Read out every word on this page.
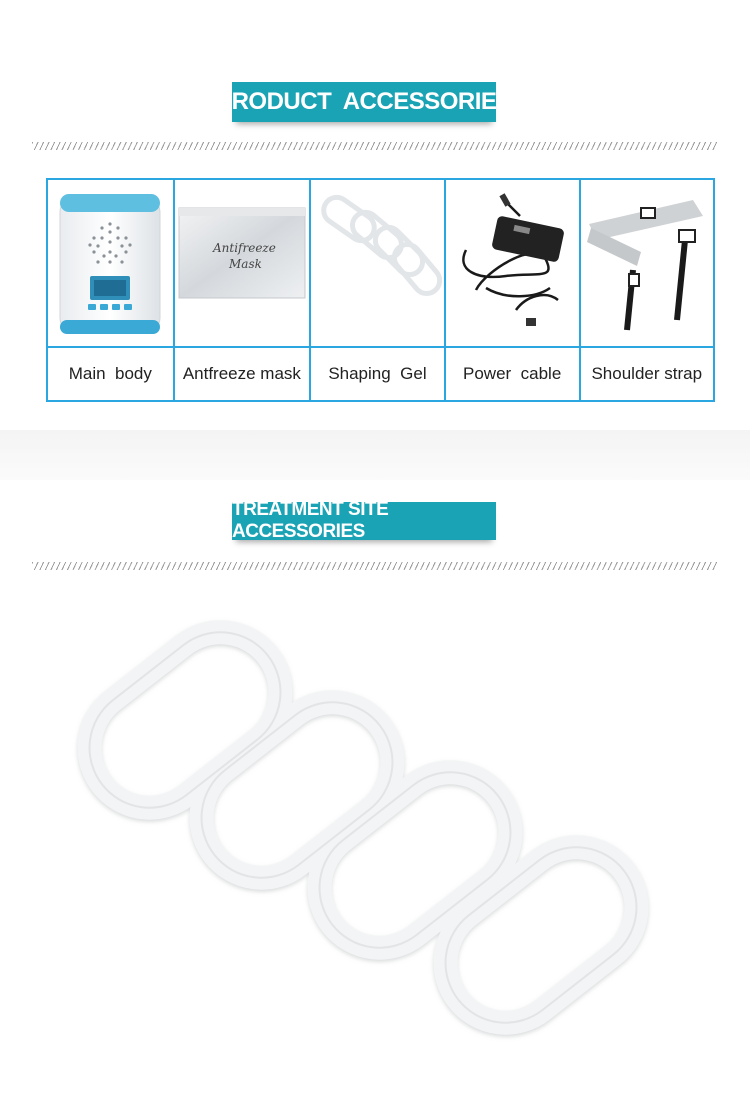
PRODUCT  ACCESSORIES

Antifreeze
Mask

Main  body	Antfreeze mask	Shaping  Gel	Power  cable	Shoulder strap
TREATMENT SITE ACCESSORIES
